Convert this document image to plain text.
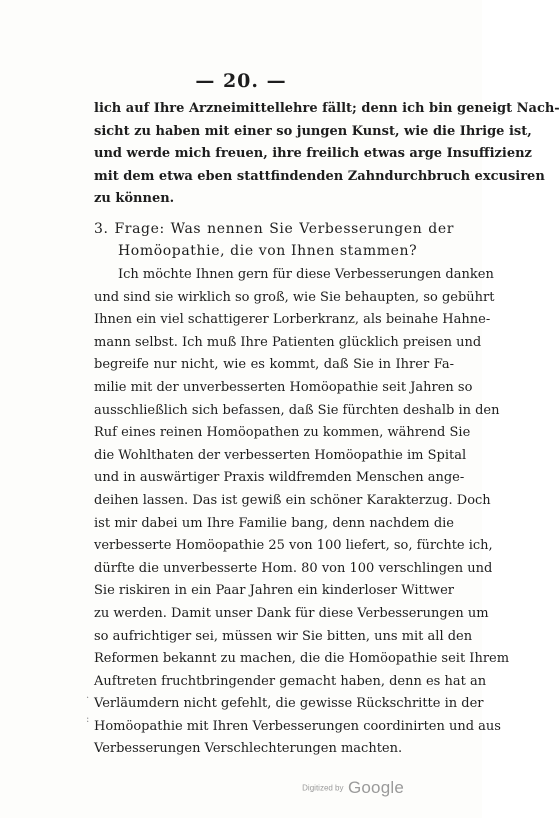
— 20. —
lich auf Ihre Arzneimittellehre fällt; denn ich bin geneigt Nach-
sicht zu haben mit einer so jungen Kunst, wie die Ihrige ist,
und werde mich freuen, ihre freilich etwas arge Insuffizienz
mit dem etwa eben stattfindenden Zahndurchbruch excusiren
zu können.
3. Frage: Was nennen Sie Verbesserungen der
Homöopathie, die von Ihnen stammen?
Ich möchte Ihnen gern für diese Verbesserungen danken
und sind sie wirklich so groß, wie Sie behaupten, so gebührt
Ihnen ein viel schattigerer Lorberkranz, als beinahe Hahne-
mann selbst. Ich muß Ihre Patienten glücklich preisen und
begreife nur nicht, wie es kommt, daß Sie in Ihrer Fa-
milie mit der unverbesserten Homöopathie seit Jahren so
ausschließlich sich befassen, daß Sie fürchten deshalb in den
Ruf eines reinen Homöopathen zu kommen, während Sie
die Wohlthaten der verbesserten Homöopathie im Spital
und in auswärtiger Praxis wildfremden Menschen ange-
deihen lassen. Das ist gewiß ein schöner Karakterzug. Doch
ist mir dabei um Ihre Familie bang, denn nachdem die
verbesserte Homöopathie 25 von 100 liefert, so, fürchte ich,
dürfte die unverbesserte Hom. 80 von 100 verschlingen und
Sie riskiren in ein Paar Jahren ein kinderloser Wittwer
zu werden. Damit unser Dank für diese Verbesserungen um
so aufrichtiger sei, müssen wir Sie bitten, uns mit all den
Reformen bekannt zu machen, die die Homöopathie seit Ihrem
Auftreten fruchtbringender gemacht haben, denn es hat an
Verläumdern nicht gefehlt, die gewisse Rückschritte in der
Homöopathie mit Ihren Verbesserungen coordinirten und aus
Verbesserungen Verschlechterungen machten.
.
:
Digitized by Google
